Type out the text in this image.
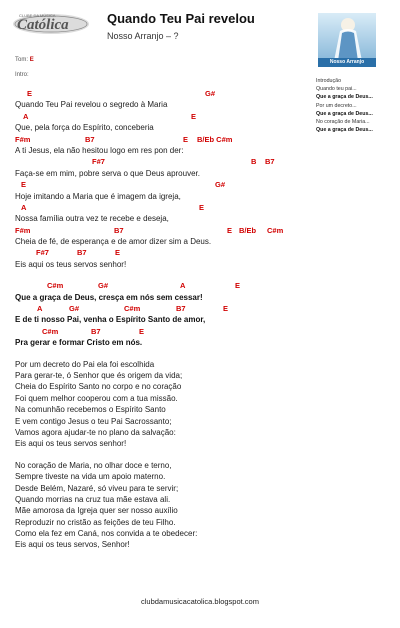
Católica
CLUBE DA MÚSICA	Quando Teu Pai revelou
Nosso Arranjo – ?
Nosso Arranjo
Introdução
Quando teu pai...
Que a graça de Deus...
Por um decreto...
Que a graça de Deus...
No coração de Maria...
Que a graça de Deus...
Tom: E
Intro:
E	G#
Quando Teu Pai revelou o segredo à Maria
A	E
Que, pela força do Espírito, conceberia
F#m	B7	E B/Eb C#m
A ti Jesus, ela não hesitou logo em res pon der:
F#7	B B7
Faça-se em mim, pobre serva o que Deus aprouver.
E	G#
Hoje imitando a Maria que é imagem da igreja,
A	E
Nossa família outra vez te recebe e deseja,
F#m	B7	E B/Eb C#m
Cheia de fé, de esperança e de amor dizer sim a Deus.
F#7	B7	E
Eis aqui os teus servos senhor!
C#m	G#	A	E
Que a graça de Deus, cresça em nós sem cessar!
A	G#	C#m	B7	E
E de ti nosso Pai, venha o Espírito Santo de amor,
C#m	B7	E
Pra gerar e formar Cristo em nós.
Por um decreto do Pai ela foi escolhida
Para gerar-te, ó Senhor que és origem da vida;
Cheia do Espírito Santo no corpo e no coração
Foi quem melhor cooperou com a tua missão.
Na comunhão recebemos o Espírito Santo
E vem contigo Jesus o teu Pai Sacrossanto;
Vamos agora ajudar-te no plano da salvação:
Eis aqui os teus servos senhor!
No coração de Maria, no olhar doce e terno,
Sempre tiveste na vida um apoio materno.
Desde Belém, Nazaré, só viveu para te servir;
Quando morrias na cruz tua mãe estava ali.
Mãe amorosa da Igreja quer ser nosso auxílio
Reproduzir no cristão as feições de teu Filho.
Como ela fez em Caná, nos convida a te obedecer:
Eis aqui os teus servos, Senhor!
clubdamusicacatolica.blogspot.com
